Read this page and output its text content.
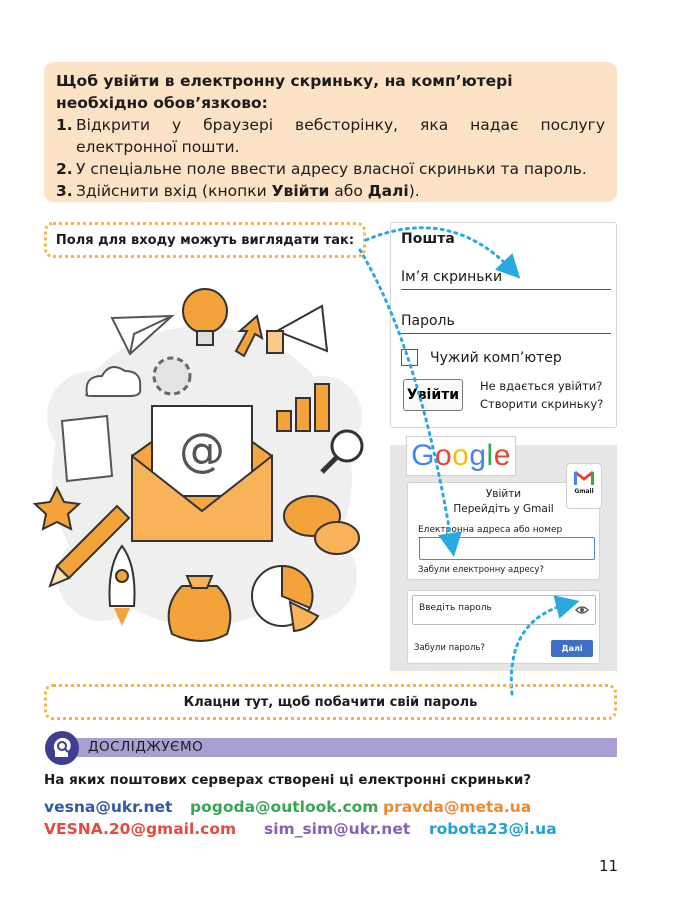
Щоб увійти в електронну скриньку, на комп’ютері необхідно обов’язково:
1. Відкрити у браузері вебсторінку, яка надає послугу електронної пошти.
2. У спеціальне поле ввести адресу власної скриньки та пароль.
3. Здійснити вхід (кнопки Увійти або Далі).
Поля для входу можуть виглядати так:
@
Пошта
Ім’я скриньки
Пароль
Чужий комп’ютер
Увійти
Не вдається увійти?
Створити скриньку?
G o o g l e
Увійти
Перейдіть у Gmail
Електронна адреса або номер
Забули електронну адресу?
Gmail
Введіть пароль
Забули пароль?	Далі
Клацни тут, щоб побачити свій пароль
ДОСЛІДЖУЄМО
На яких поштових серверах створені ці електронні скриньки?
vesna@ukr.net pogoda@outlook.com pravda@meta.ua
VESNA.20@gmail.com sim_sim@ukr.net robota23@i.ua
11
